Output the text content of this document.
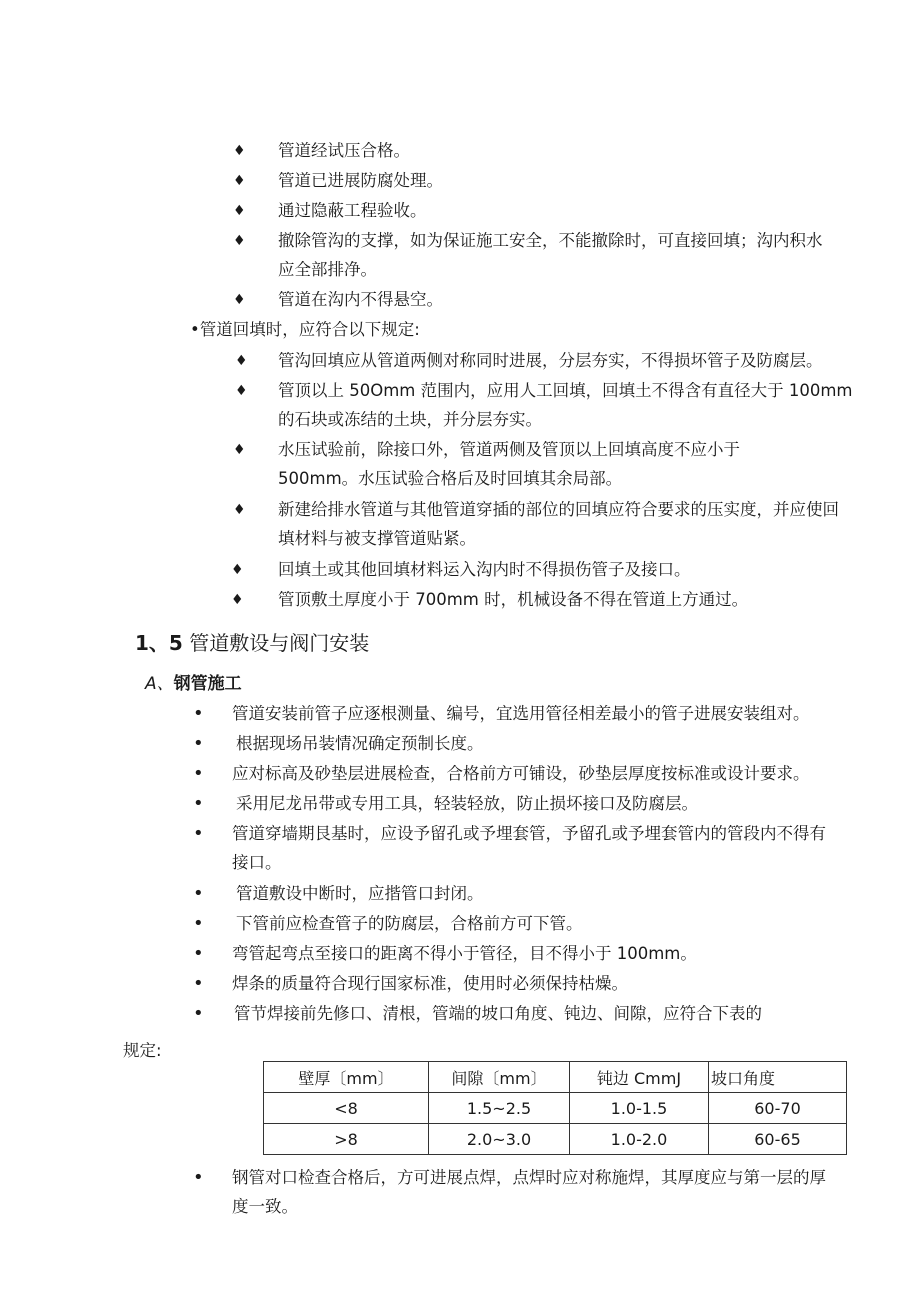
♦ 管道经试压合格。
♦ 管道已进展防腐处理。
♦ 通过隐蔽工程验收。
♦ 撤除管沟的支撑，如为保证施工安全，不能撤除时，可直接回填；沟内积水
应全部排净。
♦ 管道在沟内不得悬空。
•管道回填时，应符合以下规定:
♦ 管沟回填应从管道两侧对称同时进展，分层夯实，不得损坏管子及防腐层。
♦ 管顶以上 50Omm 范围内，应用人工回填，回填土不得含有直径大于 100mm
的石块或冻结的土块，并分层夯实。
♦ 水压试验前，除接口外，管道两侧及管顶以上回填高度不应小于
500mm。水压试验合格后及时回填其余局部。
♦ 新建给排水管道与其他管道穿插的部位的回填应符合要求的压实度，并应使回
填材料与被支撑管道贴紧。
♦ 回填土或其他回填材料运入沟内时不得损伤管子及接口。
♦ 管顶敷土厚度小于 700mm 时，机械设备不得在管道上方通过。
1、5 管道敷设与阀门安装
A、钢管施工
• 管道安装前管子应逐根测量、编号，宜选用管径相差最小的管子进展安装组对。
• 根据现场吊装情况确定预制长度。
• 应对标高及砂垫层进展检查，合格前方可铺设，砂垫层厚度按标准或设计要求。
• 采用尼龙吊带或专用工具，轻装轻放，防止损坏接口及防腐层。
• 管道穿墙期艮基时，应设予留孔或予埋套管，予留孔或予埋套管内的管段内不得有
接口。
• 管道敷设中断时，应揩管口封闭。
• 下管前应检查管子的防腐层，合格前方可下管。
• 弯管起弯点至接口的距离不得小于管径，目不得小于 100mm。
• 焊条的质量符合现行国家标准，使用时必须保持枯燥。
• 管节焊接前先修口、清根，管端的坡口角度、钝边、间隙，应符合下表的
规定:
壁厚〔mm〕	间隙〔mm〕	钝边 CmmJ	坡口角度
<8	1.5~2.5	1.0-1.5	60-70
>8	2.0~3.0	1.0-2.0	60-65
• 钢管对口检查合格后，方可进展点焊，点焊时应对称施焊，其厚度应与第一层的厚
度一致。
